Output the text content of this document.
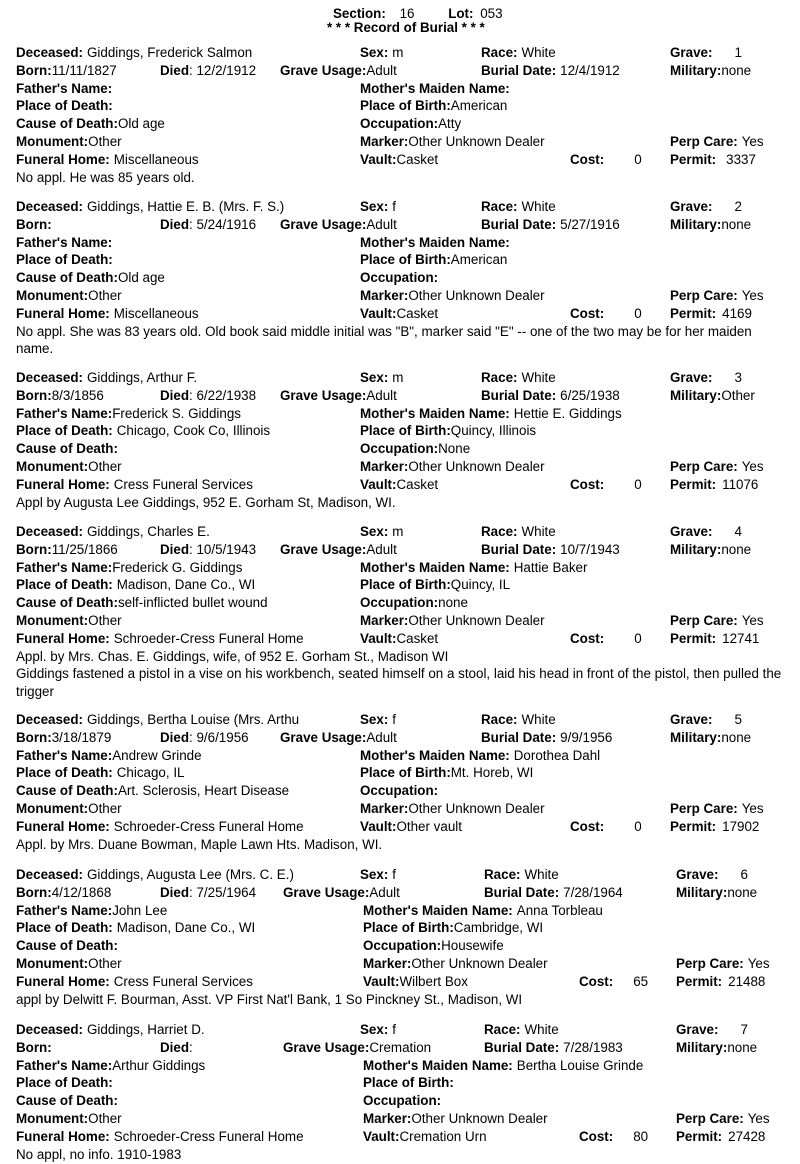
Section: 16	Lot: 053
* * * Record of Burial * * *
Deceased: Giddings, Frederick Salmon	Sex: m	Race: White	Grave: 1
Born:11/11/1827	Died: 12/2/1912 Grave Usage:Adult	Burial Date: 12/4/1912	Military:none
Father's Name:	Mother's Maiden Name:
Place of Death:	Place of Birth:American
Cause of Death:Old age	Occupation:Atty
Monument:Other	Marker:Other Unknown Dealer	Perp Care: Yes
Funeral Home: Miscellaneous	Vault:Casket	Cost: 0 Permit: 3337
No appl. He was 85 years old.
Deceased: Giddings, Hattie E. B. (Mrs. F. S.)	Sex: f	Race: White	Grave: 2
Born:	Died: 5/24/1916 Grave Usage:Adult	Burial Date: 5/27/1916	Military:none
Father's Name:	Mother's Maiden Name:
Place of Death:	Place of Birth:American
Cause of Death:Old age	Occupation:
Monument:Other	Marker:Other Unknown Dealer	Perp Care: Yes
Funeral Home: Miscellaneous	Vault:Casket	Cost: 0 Permit: 4169
No appl. She was 83 years old. Old book said middle initial was "B", marker said "E" -- one of the two may be for her maiden name.
Deceased: Giddings, Arthur F.	Sex: m	Race: White	Grave: 3
Born:8/3/1856	Died: 6/22/1938 Grave Usage:Adult	Burial Date: 6/25/1938	Military:Other
Father's Name:Frederick S. Giddings	Mother's Maiden Name: Hettie E. Giddings
Place of Death: Chicago, Cook Co, Illinois	Place of Birth:Quincy, Illinois
Cause of Death:	Occupation:None
Monument:Other	Marker:Other Unknown Dealer	Perp Care: Yes
Funeral Home: Cress Funeral Services	Vault:Casket	Cost: 0 Permit: 11076
Appl by Augusta Lee Giddings, 952 E. Gorham St, Madison, WI.
Deceased: Giddings, Charles E.	Sex: m	Race: White	Grave: 4
Born:11/25/1866	Died: 10/5/1943 Grave Usage:Adult	Burial Date: 10/7/1943	Military:none
Father's Name:Frederick G. Giddings	Mother's Maiden Name: Hattie Baker
Place of Death: Madison, Dane Co., WI	Place of Birth:Quincy, IL
Cause of Death:self-inflicted bullet wound	Occupation:none
Monument:Other	Marker:Other Unknown Dealer	Perp Care: Yes
Funeral Home: Schroeder-Cress Funeral Home	Vault:Casket	Cost: 0 Permit: 12741
Appl. by Mrs. Chas. E. Giddings, wife, of 952 E. Gorham St., Madison WI
Giddings fastened a pistol in a vise on his workbench, seated himself on a stool, laid his head in front of the pistol, then pulled the trigger
Deceased: Giddings, Bertha Louise (Mrs. Arthu	Sex: f	Race: White	Grave: 5
Born:3/18/1879	Died: 9/6/1956 Grave Usage:Adult	Burial Date: 9/9/1956	Military:none
Father's Name:Andrew Grinde	Mother's Maiden Name: Dorothea Dahl
Place of Death: Chicago, IL	Place of Birth:Mt. Horeb, WI
Cause of Death:Art. Sclerosis, Heart Disease	Occupation:
Monument:Other	Marker:Other Unknown Dealer	Perp Care: Yes
Funeral Home: Schroeder-Cress Funeral Home	Vault:Other vault	Cost: 0 Permit: 17902
Appl. by Mrs. Duane Bowman, Maple Lawn Hts. Madison, WI.
Deceased: Giddings, Augusta Lee (Mrs. C. E.)	Sex: f	Race: White	Grave: 6
Born:4/12/1868	Died: 7/25/1964 Grave Usage:Adult	Burial Date: 7/28/1964	Military:none
Father's Name:John Lee	Mother's Maiden Name: Anna Torbleau
Place of Death: Madison, Dane Co., WI	Place of Birth:Cambridge, WI
Cause of Death:	Occupation:Housewife
Monument:Other	Marker:Other Unknown Dealer	Perp Care: Yes
Funeral Home: Cress Funeral Services	Vault:Wilbert Box	Cost: 65 Permit: 21488
appl by Delwitt F. Bourman, Asst. VP First Nat'l Bank, 1 So Pinckney St., Madison, WI
Deceased: Giddings, Harriet D.	Sex: f	Race: White	Grave: 7
Born:	Died:	Grave Usage:Cremation	Burial Date: 7/28/1983	Military:none
Father's Name:Arthur Giddings	Mother's Maiden Name: Bertha Louise Grinde
Place of Death:	Place of Birth:
Cause of Death:	Occupation:
Monument:Other	Marker:Other Unknown Dealer	Perp Care: Yes
Funeral Home: Schroeder-Cress Funeral Home	Vault:Cremation Urn	Cost: 80 Permit: 27428
No appl, no info. 1910-1983
